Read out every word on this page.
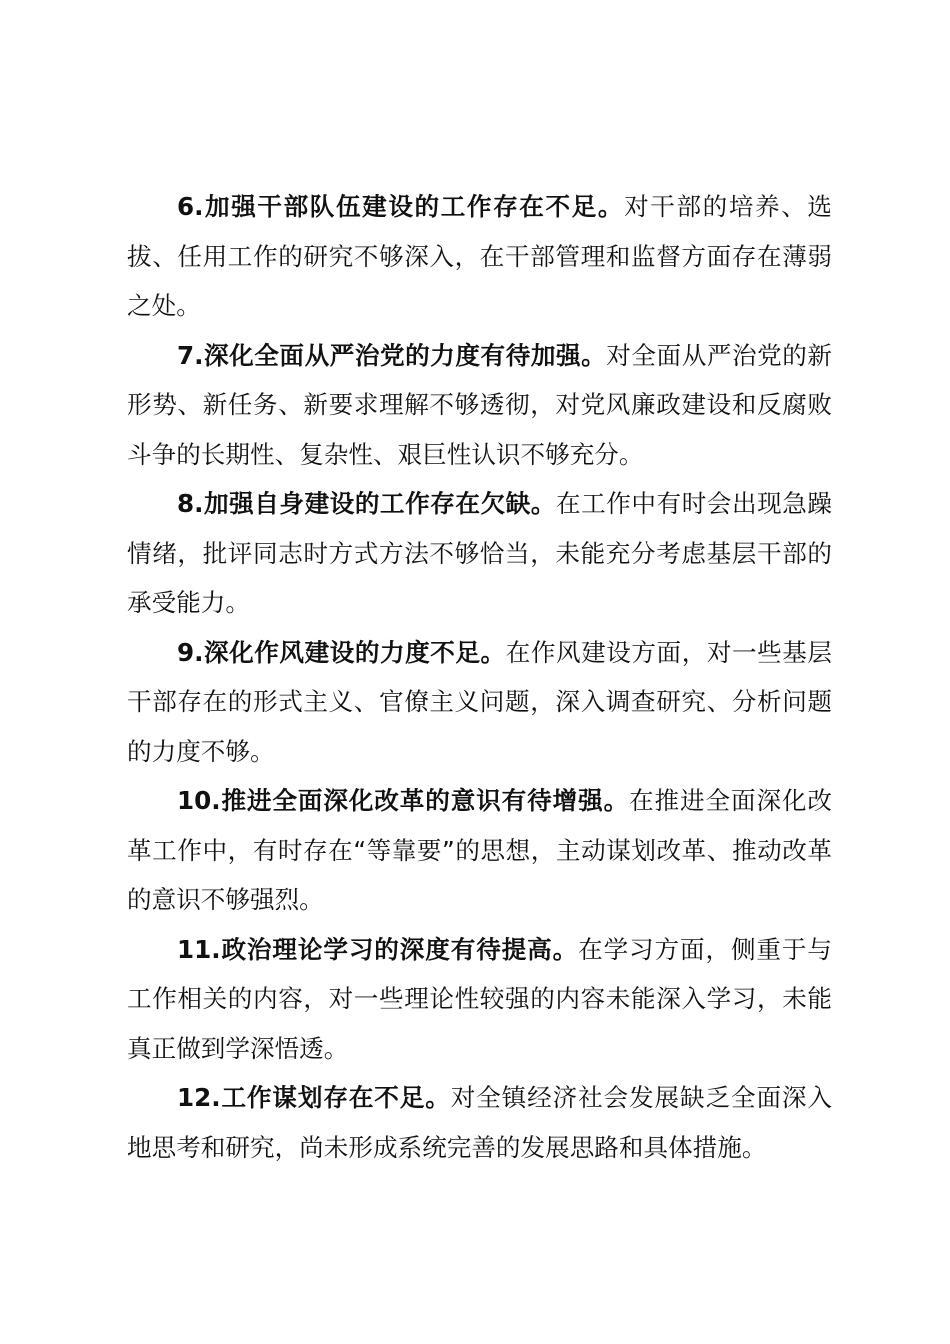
6.加强干部队伍建设的工作存在不足。对干部的培养、选拔、任用工作的研究不够深入，在干部管理和监督方面存在薄弱之处。

7.深化全面从严治党的力度有待加强。对全面从严治党的新形势、新任务、新要求理解不够透彻，对党风廉政建设和反腐败斗争的长期性、复杂性、艰巨性认识不够充分。

8.加强自身建设的工作存在欠缺。在工作中有时会出现急躁情绪，批评同志时方式方法不够恰当，未能充分考虑基层干部的承受能力。

9.深化作风建设的力度不足。在作风建设方面，对一些基层干部存在的形式主义、官僚主义问题，深入调查研究、分析问题的力度不够。

10.推进全面深化改革的意识有待增强。在推进全面深化改革工作中，有时存在“等靠要”的思想，主动谋划改革、推动改革的意识不够强烈。

11.政治理论学习的深度有待提高。在学习方面，侧重于与工作相关的内容，对一些理论性较强的内容未能深入学习，未能真正做到学深悟透。

12.工作谋划存在不足。对全镇经济社会发展缺乏全面深入地思考和研究，尚未形成系统完善的发展思路和具体措施。
